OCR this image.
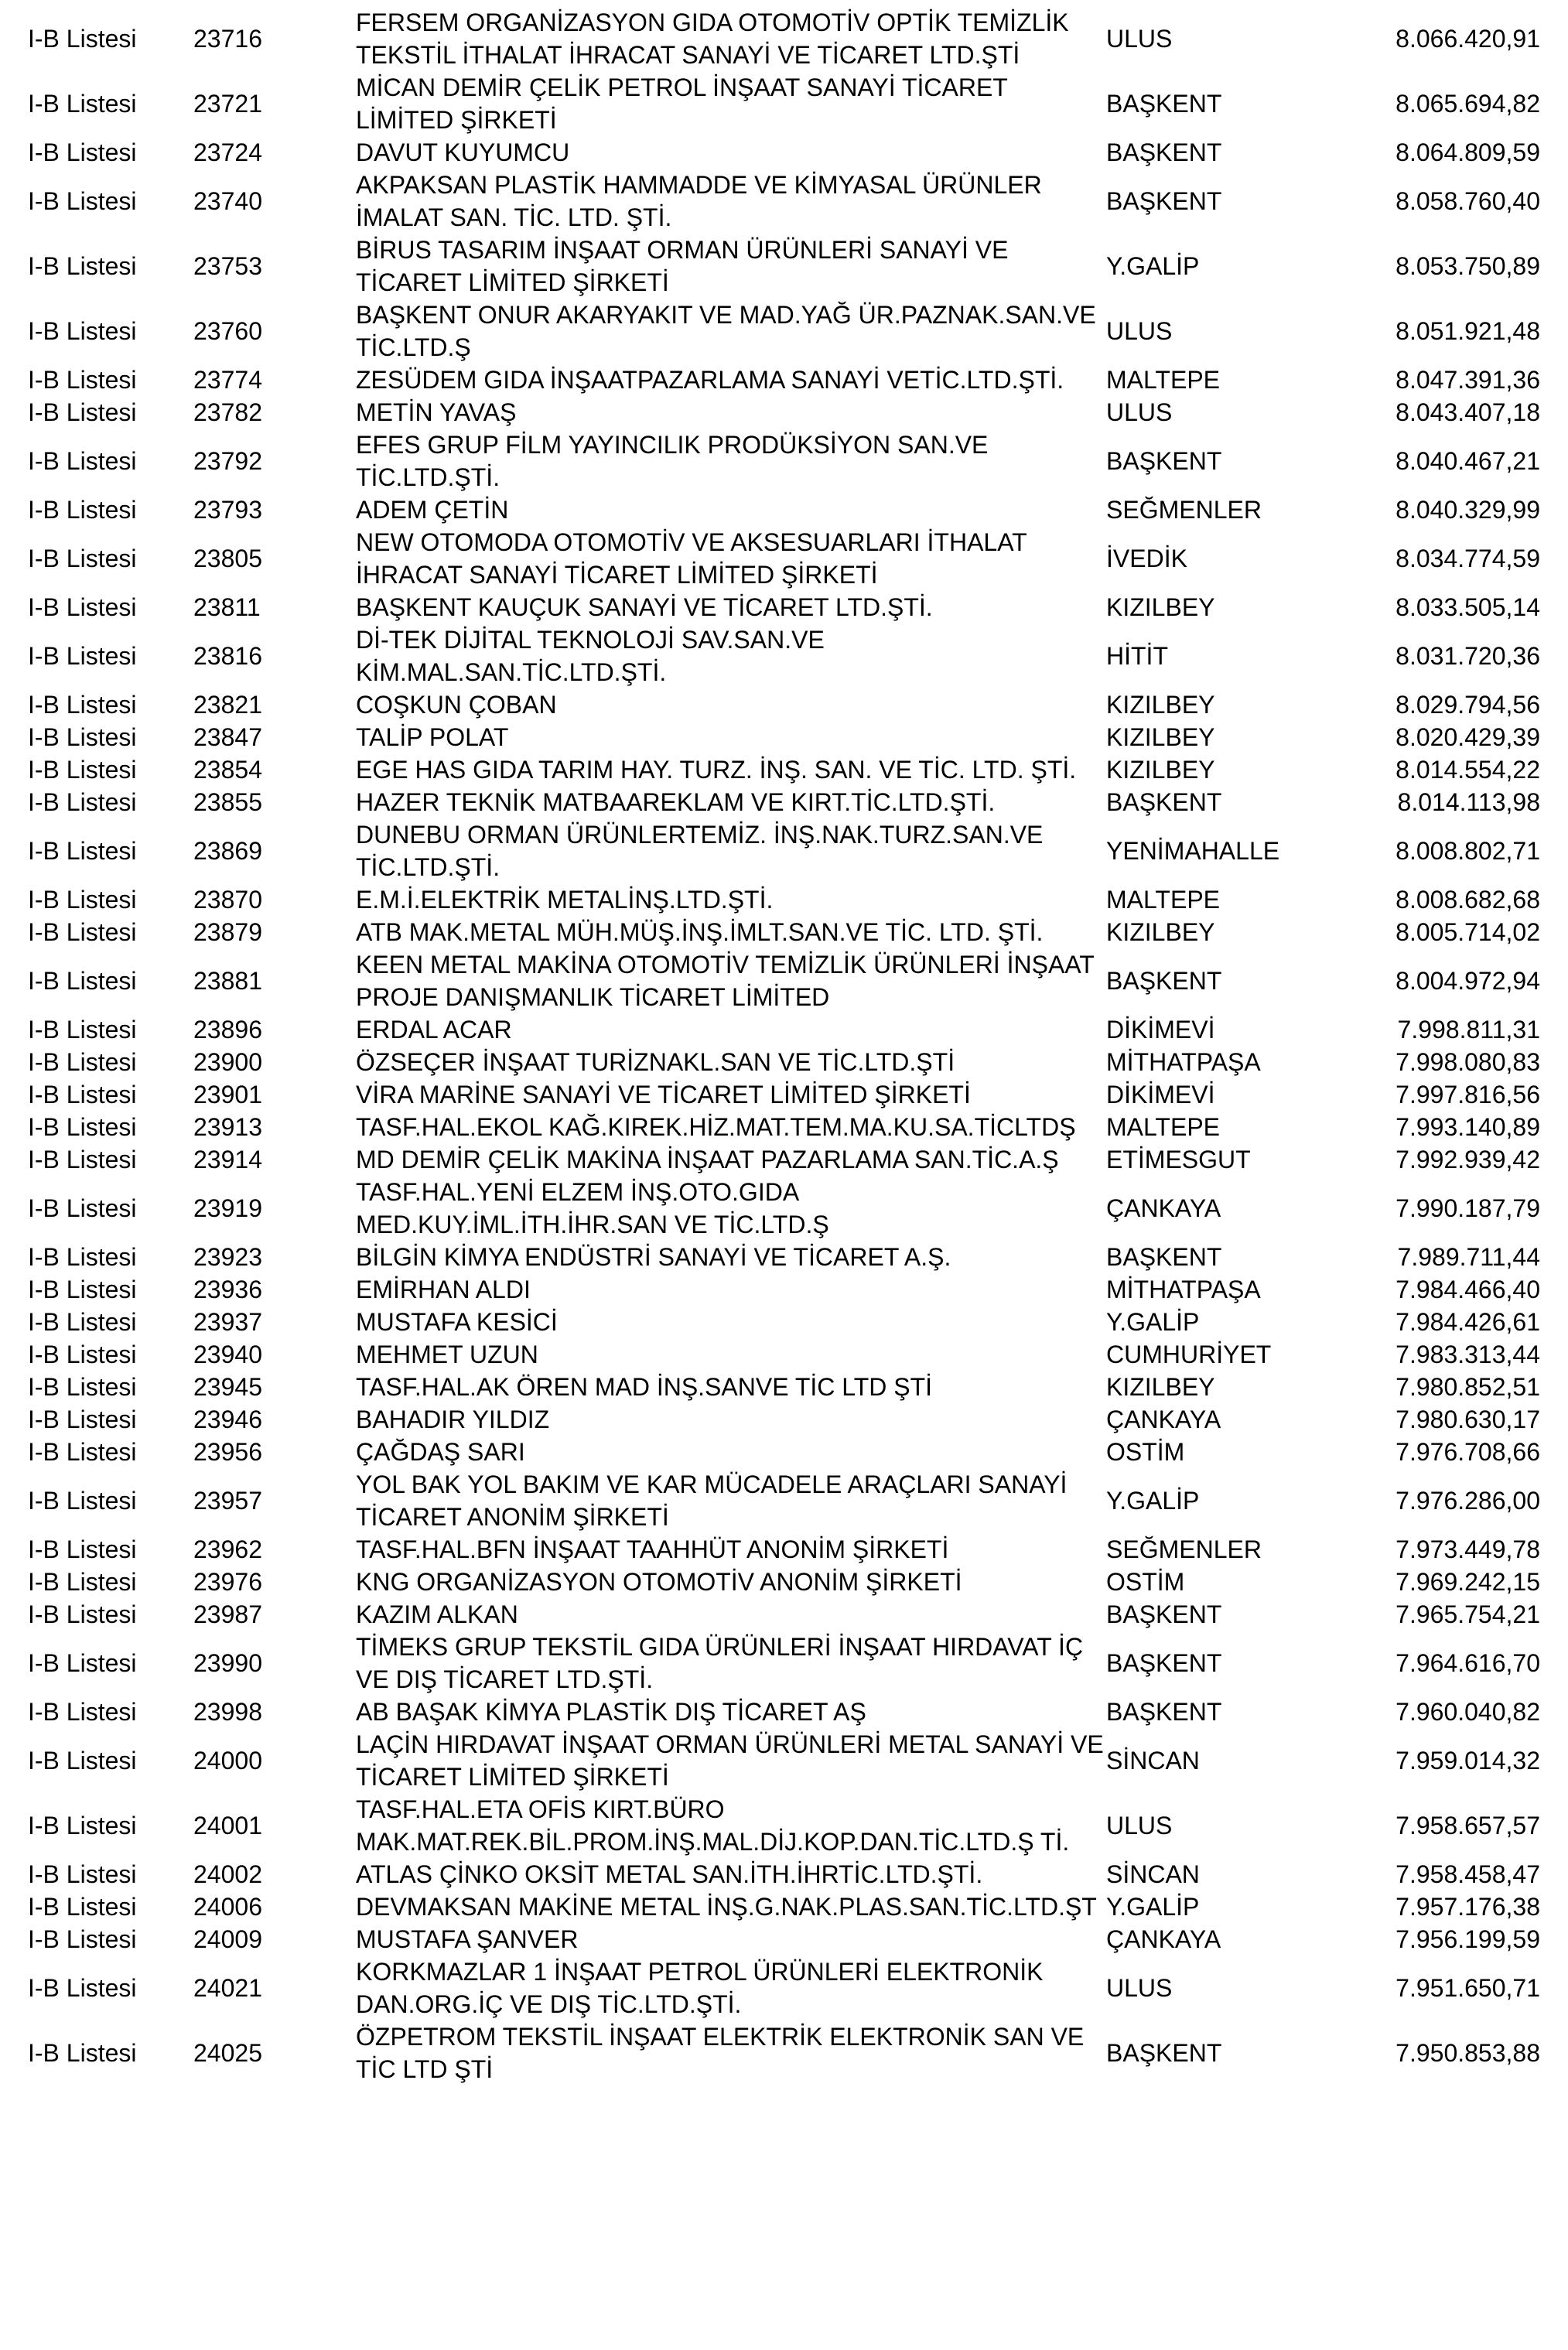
I-B Listesi	23716	FERSEM ORGANİZASYON GIDA OTOMOTİV OPTİK TEMİZLİK TEKSTİL İTHALAT İHRACAT SANAYİ VE TİCARET LTD.ŞTİ	ULUS	8.066.420,91
I-B Listesi	23721	MİCAN DEMİR ÇELİK PETROL İNŞAAT SANAYİ TİCARET LİMİTED ŞİRKETİ	BAŞKENT	8.065.694,82
I-B Listesi	23724	DAVUT KUYUMCU	BAŞKENT	8.064.809,59
I-B Listesi	23740	AKPAKSAN PLASTİK HAMMADDE VE KİMYASAL ÜRÜNLER İMALAT SAN. TİC. LTD. ŞTİ.	BAŞKENT	8.058.760,40
I-B Listesi	23753	BİRUS TASARIM İNŞAAT ORMAN ÜRÜNLERİ SANAYİ VE TİCARET LİMİTED ŞİRKETİ	Y.GALİP	8.053.750,89
I-B Listesi	23760	BAŞKENT ONUR AKARYAKIT VE MAD.YAĞ ÜR.PAZNAK.SAN.VE TİC.LTD.Ş	ULUS	8.051.921,48
I-B Listesi	23774	ZESÜDEM GIDA İNŞAATPAZARLAMA SANAYİ VETİC.LTD.ŞTİ.	MALTEPE	8.047.391,36
I-B Listesi	23782	METİN YAVAŞ	ULUS	8.043.407,18
I-B Listesi	23792	EFES GRUP FİLM YAYINCILIK PRODÜKSİYON SAN.VE TİC.LTD.ŞTİ.	BAŞKENT	8.040.467,21
I-B Listesi	23793	ADEM ÇETİN	SEĞMENLER	8.040.329,99
I-B Listesi	23805	NEW OTOMODA OTOMOTİV VE AKSESUARLARI İTHALAT İHRACAT SANAYİ TİCARET LİMİTED ŞİRKETİ	İVEDİK	8.034.774,59
I-B Listesi	23811	BAŞKENT KAUÇUK SANAYİ VE TİCARET LTD.ŞTİ.	KIZILBEY	8.033.505,14
I-B Listesi	23816	Dİ-TEK DİJİTAL TEKNOLOJİ SAV.SAN.VE KİM.MAL.SAN.TİC.LTD.ŞTİ.	HİTİT	8.031.720,36
I-B Listesi	23821	COŞKUN ÇOBAN	KIZILBEY	8.029.794,56
I-B Listesi	23847	TALİP POLAT	KIZILBEY	8.020.429,39
I-B Listesi	23854	EGE HAS GIDA TARIM HAY. TURZ. İNŞ. SAN. VE TİC. LTD. ŞTİ.	KIZILBEY	8.014.554,22
I-B Listesi	23855	HAZER TEKNİK MATBAAREKLAM VE KIRT.TİC.LTD.ŞTİ.	BAŞKENT	8.014.113,98
I-B Listesi	23869	DUNEBU ORMAN ÜRÜNLERTEMİZ. İNŞ.NAK.TURZ.SAN.VE TİC.LTD.ŞTİ.	YENİMAHALLE	8.008.802,71
I-B Listesi	23870	E.M.İ.ELEKTRİK METALİNŞ.LTD.ŞTİ.	MALTEPE	8.008.682,68
I-B Listesi	23879	ATB MAK.METAL MÜH.MÜŞ.İNŞ.İMLT.SAN.VE TİC. LTD. ŞTİ.	KIZILBEY	8.005.714,02
I-B Listesi	23881	KEEN METAL MAKİNA OTOMOTİV TEMİZLİK ÜRÜNLERİ İNŞAAT PROJE DANIŞMANLIK TİCARET LİMİTED	BAŞKENT	8.004.972,94
I-B Listesi	23896	ERDAL ACAR	DİKİMEVİ	7.998.811,31
I-B Listesi	23900	ÖZSEÇER İNŞAAT TURİZNAKL.SAN VE TİC.LTD.ŞTİ	MİTHATPAŞA	7.998.080,83
I-B Listesi	23901	VİRA MARİNE SANAYİ VE TİCARET LİMİTED ŞİRKETİ	DİKİMEVİ	7.997.816,56
I-B Listesi	23913	TASF.HAL.EKOL KAĞ.KIREK.HİZ.MAT.TEM.MA.KU.SA.TİCLTDŞ	MALTEPE	7.993.140,89
I-B Listesi	23914	MD DEMİR ÇELİK MAKİNA İNŞAAT PAZARLAMA SAN.TİC.A.Ş	ETİMESGUT	7.992.939,42
I-B Listesi	23919	TASF.HAL.YENİ ELZEM İNŞ.OTO.GIDA MED.KUY.İML.İTH.İHR.SAN VE TİC.LTD.Ş	ÇANKAYA	7.990.187,79
I-B Listesi	23923	BİLGİN KİMYA ENDÜSTRİ SANAYİ VE TİCARET A.Ş.	BAŞKENT	7.989.711,44
I-B Listesi	23936	EMİRHAN ALDI	MİTHATPAŞA	7.984.466,40
I-B Listesi	23937	MUSTAFA KESİCİ	Y.GALİP	7.984.426,61
I-B Listesi	23940	MEHMET UZUN	CUMHURİYET	7.983.313,44
I-B Listesi	23945	TASF.HAL.AK ÖREN MAD İNŞ.SANVE TİC LTD ŞTİ	KIZILBEY	7.980.852,51
I-B Listesi	23946	BAHADIR YILDIZ	ÇANKAYA	7.980.630,17
I-B Listesi	23956	ÇAĞDAŞ SARI	OSTİM	7.976.708,66
I-B Listesi	23957	YOL BAK YOL BAKIM VE KAR MÜCADELE ARAÇLARI SANAYİ TİCARET ANONİM ŞİRKETİ	Y.GALİP	7.976.286,00
I-B Listesi	23962	TASF.HAL.BFN İNŞAAT TAAHHÜT ANONİM ŞİRKETİ	SEĞMENLER	7.973.449,78
I-B Listesi	23976	KNG ORGANİZASYON OTOMOTİV ANONİM ŞİRKETİ	OSTİM	7.969.242,15
I-B Listesi	23987	KAZIM ALKAN	BAŞKENT	7.965.754,21
I-B Listesi	23990	TİMEKS GRUP TEKSTİL GIDA ÜRÜNLERİ İNŞAAT HIRDAVAT İÇ VE DIŞ TİCARET LTD.ŞTİ.	BAŞKENT	7.964.616,70
I-B Listesi	23998	AB BAŞAK KİMYA PLASTİK DIŞ TİCARET AŞ	BAŞKENT	7.960.040,82
I-B Listesi	24000	LAÇİN HIRDAVAT İNŞAAT ORMAN ÜRÜNLERİ METAL SANAYİ VE TİCARET LİMİTED ŞİRKETİ	SİNCAN	7.959.014,32
I-B Listesi	24001	TASF.HAL.ETA OFİS KIRT.BÜRO MAK.MAT.REK.BİL.PROM.İNŞ.MAL.DİJ.KOP.DAN.TİC.LTD.Ş Tİ.	ULUS	7.958.657,57
I-B Listesi	24002	ATLAS ÇİNKO OKSİT METAL SAN.İTH.İHRTİC.LTD.ŞTİ.	SİNCAN	7.958.458,47
I-B Listesi	24006	DEVMAKSAN MAKİNE METAL İNŞ.G.NAK.PLAS.SAN.TİC.LTD.ŞT	Y.GALİP	7.957.176,38
I-B Listesi	24009	MUSTAFA ŞANVER	ÇANKAYA	7.956.199,59
I-B Listesi	24021	KORKMAZLAR 1 İNŞAAT PETROL ÜRÜNLERİ ELEKTRONİK DAN.ORG.İÇ VE DIŞ TİC.LTD.ŞTİ.	ULUS	7.951.650,71
I-B Listesi	24025	ÖZPETROM TEKSTİL İNŞAAT ELEKTRİK ELEKTRONİK SAN VE TİC LTD ŞTİ	BAŞKENT	7.950.853,88
